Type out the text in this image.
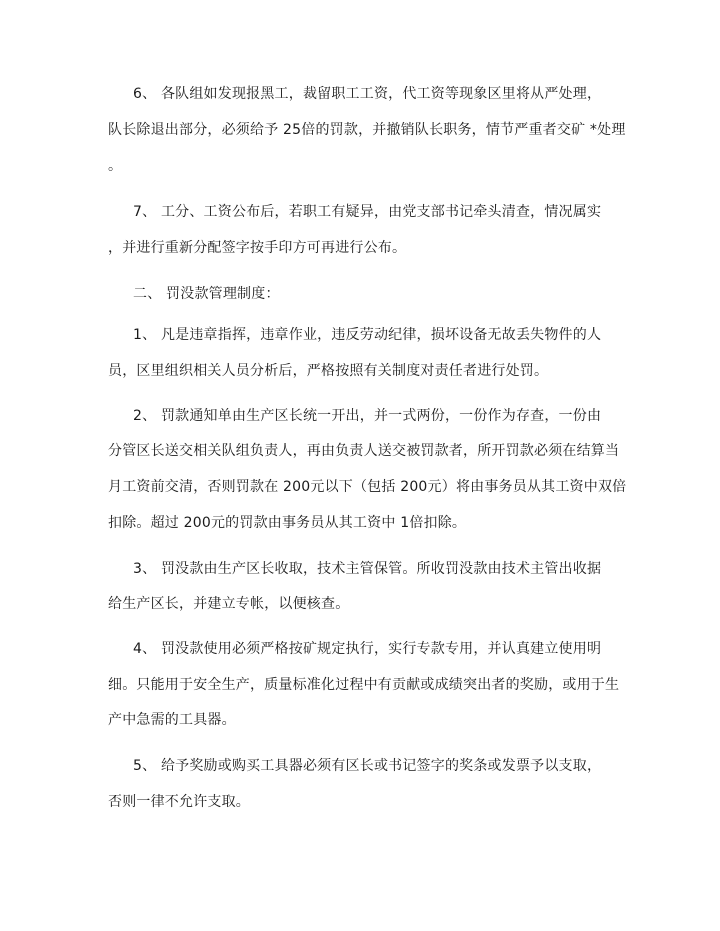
6、 各队组如发现报黑工，裁留职工工资，代工资等现象区里将从严处理，
队长除退出部分，必须给予 25倍的罚款，并撤销队长职务，情节严重者交矿 *处理
。
7、 工分、工资公布后，若职工有疑异，由党支部书记牵头清查，情况属实
，并进行重新分配签字按手印方可再进行公布。
二、 罚没款管理制度：
1、 凡是违章指挥，违章作业，违反劳动纪律，损坏设备无故丢失物件的人
员，区里组织相关人员分析后，严格按照有关制度对责任者进行处罚。
2、 罚款通知单由生产区长统一开出，并一式两份，一份作为存查，一份由
分管区长送交相关队组负责人，再由负责人送交被罚款者，所开罚款必须在结算当
月工资前交清，否则罚款在 200元以下（包括 200元）将由事务员从其工资中双倍
扣除。超过 200元的罚款由事务员从其工资中 1倍扣除。
3、 罚没款由生产区长收取，技术主管保管。所收罚没款由技术主管出收据
给生产区长，并建立专帐，以便核查。
4、 罚没款使用必须严格按矿规定执行，实行专款专用，并认真建立使用明
细。只能用于安全生产，质量标准化过程中有贡献或成绩突出者的奖励，或用于生
产中急需的工具器。
5、 给予奖励或购买工具器必须有区长或书记签字的奖条或发票予以支取，
否则一律不允许支取。
